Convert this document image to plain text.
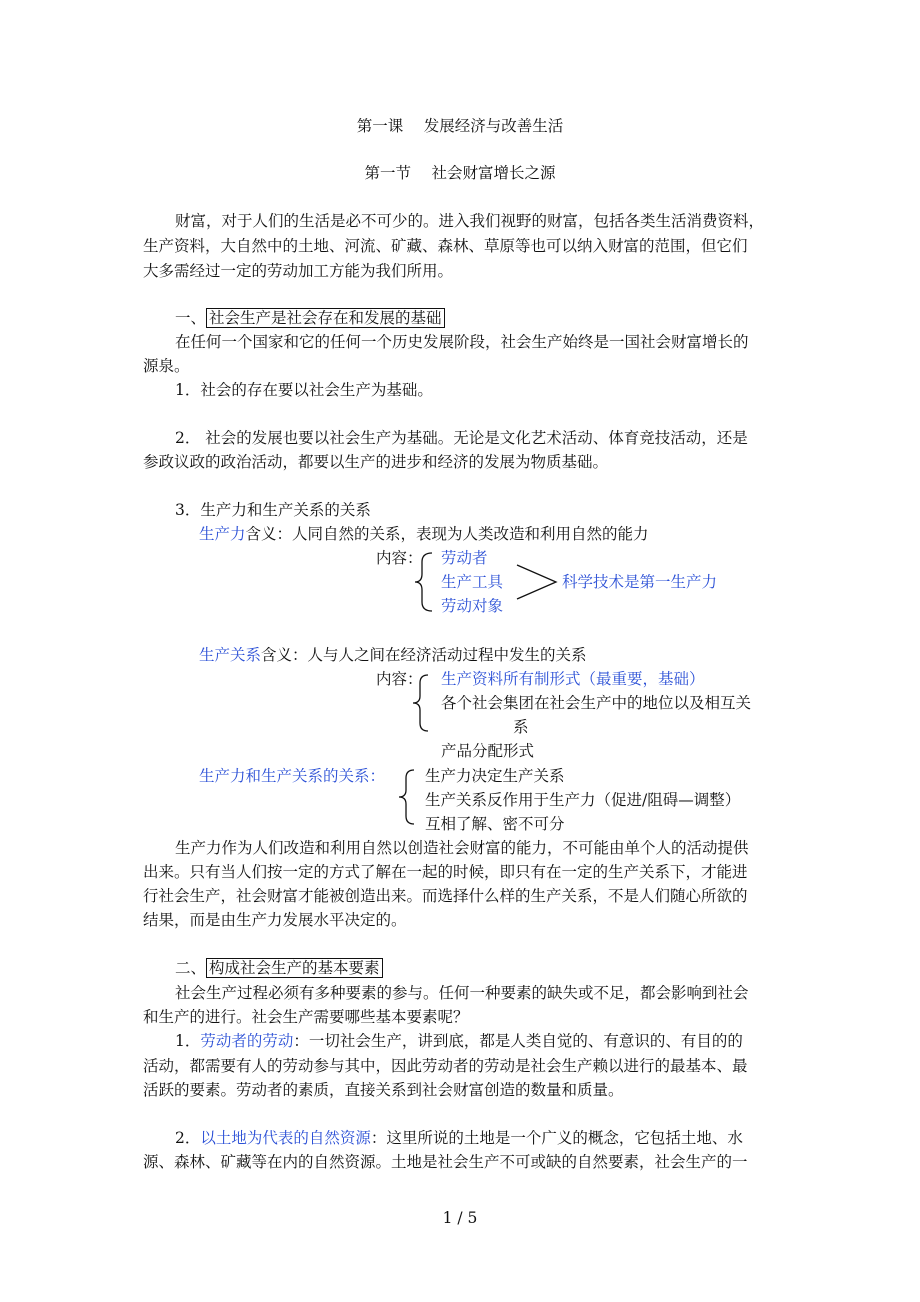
第一课　 发展经济与改善生活
第一节　 社会财富增长之源
财富，对于人们的生活是必不可少的。进入我们视野的财富，包括各类生活消费资料，
生产资料，大自然中的土地、河流、矿藏、森林、草原等也可以纳入财富的范围，但它们
大多需经过一定的劳动加工方能为我们所用。
一、 社会生产是社会存在和发展的基础
在任何一个国家和它的任何一个历史发展阶段，社会生产始终是一国社会财富增长的
源泉。
1．社会的存在要以社会生产为基础。
2． 社会的发展也要以社会生产为基础。无论是文化艺术活动、体育竞技活动，还是
参政议政的政治活动，都要以生产的进步和经济的发展为物质基础。
3．生产力和生产关系的关系
生产力含义：人同自然的关系，表现为人类改造和利用自然的能力
内容： 劳动者
生产工具
劳动对象
科学技术是第一生产力
生产关系含义：人与人之间在经济活动过程中发生的关系
内容： 生产资料所有制形式（最重要，基础）
各个社会集团在社会生产中的地位以及相互关
系
产品分配形式
生产力和生产关系的关系：	生产力决定生产关系
生产关系反作用于生产力（促进/阻碍—调整）
互相了解、密不可分
生产力作为人们改造和利用自然以创造社会财富的能力，不可能由单个人的活动提供
出来。只有当人们按一定的方式了解在一起的时候，即只有在一定的生产关系下，才能进
行社会生产，社会财富才能被创造出来。而选择什么样的生产关系，不是人们随心所欲的
结果，而是由生产力发展水平决定的。
二、 构成社会生产的基本要素
社会生产过程必须有多种要素的参与。任何一种要素的缺失或不足，都会影响到社会
和生产的进行。社会生产需要哪些基本要素呢？
1．劳动者的劳动：一切社会生产，讲到底，都是人类自觉的、有意识的、有目的的
活动，都需要有人的劳动参与其中，因此劳动者的劳动是社会生产赖以进行的最基本、最
活跃的要素。劳动者的素质，直接关系到社会财富创造的数量和质量。
2．以土地为代表的自然资源：这里所说的土地是一个广义的概念，它包括土地、水
源、森林、矿藏等在内的自然资源。土地是社会生产不可或缺的自然要素，社会生产的一
1 / 5
